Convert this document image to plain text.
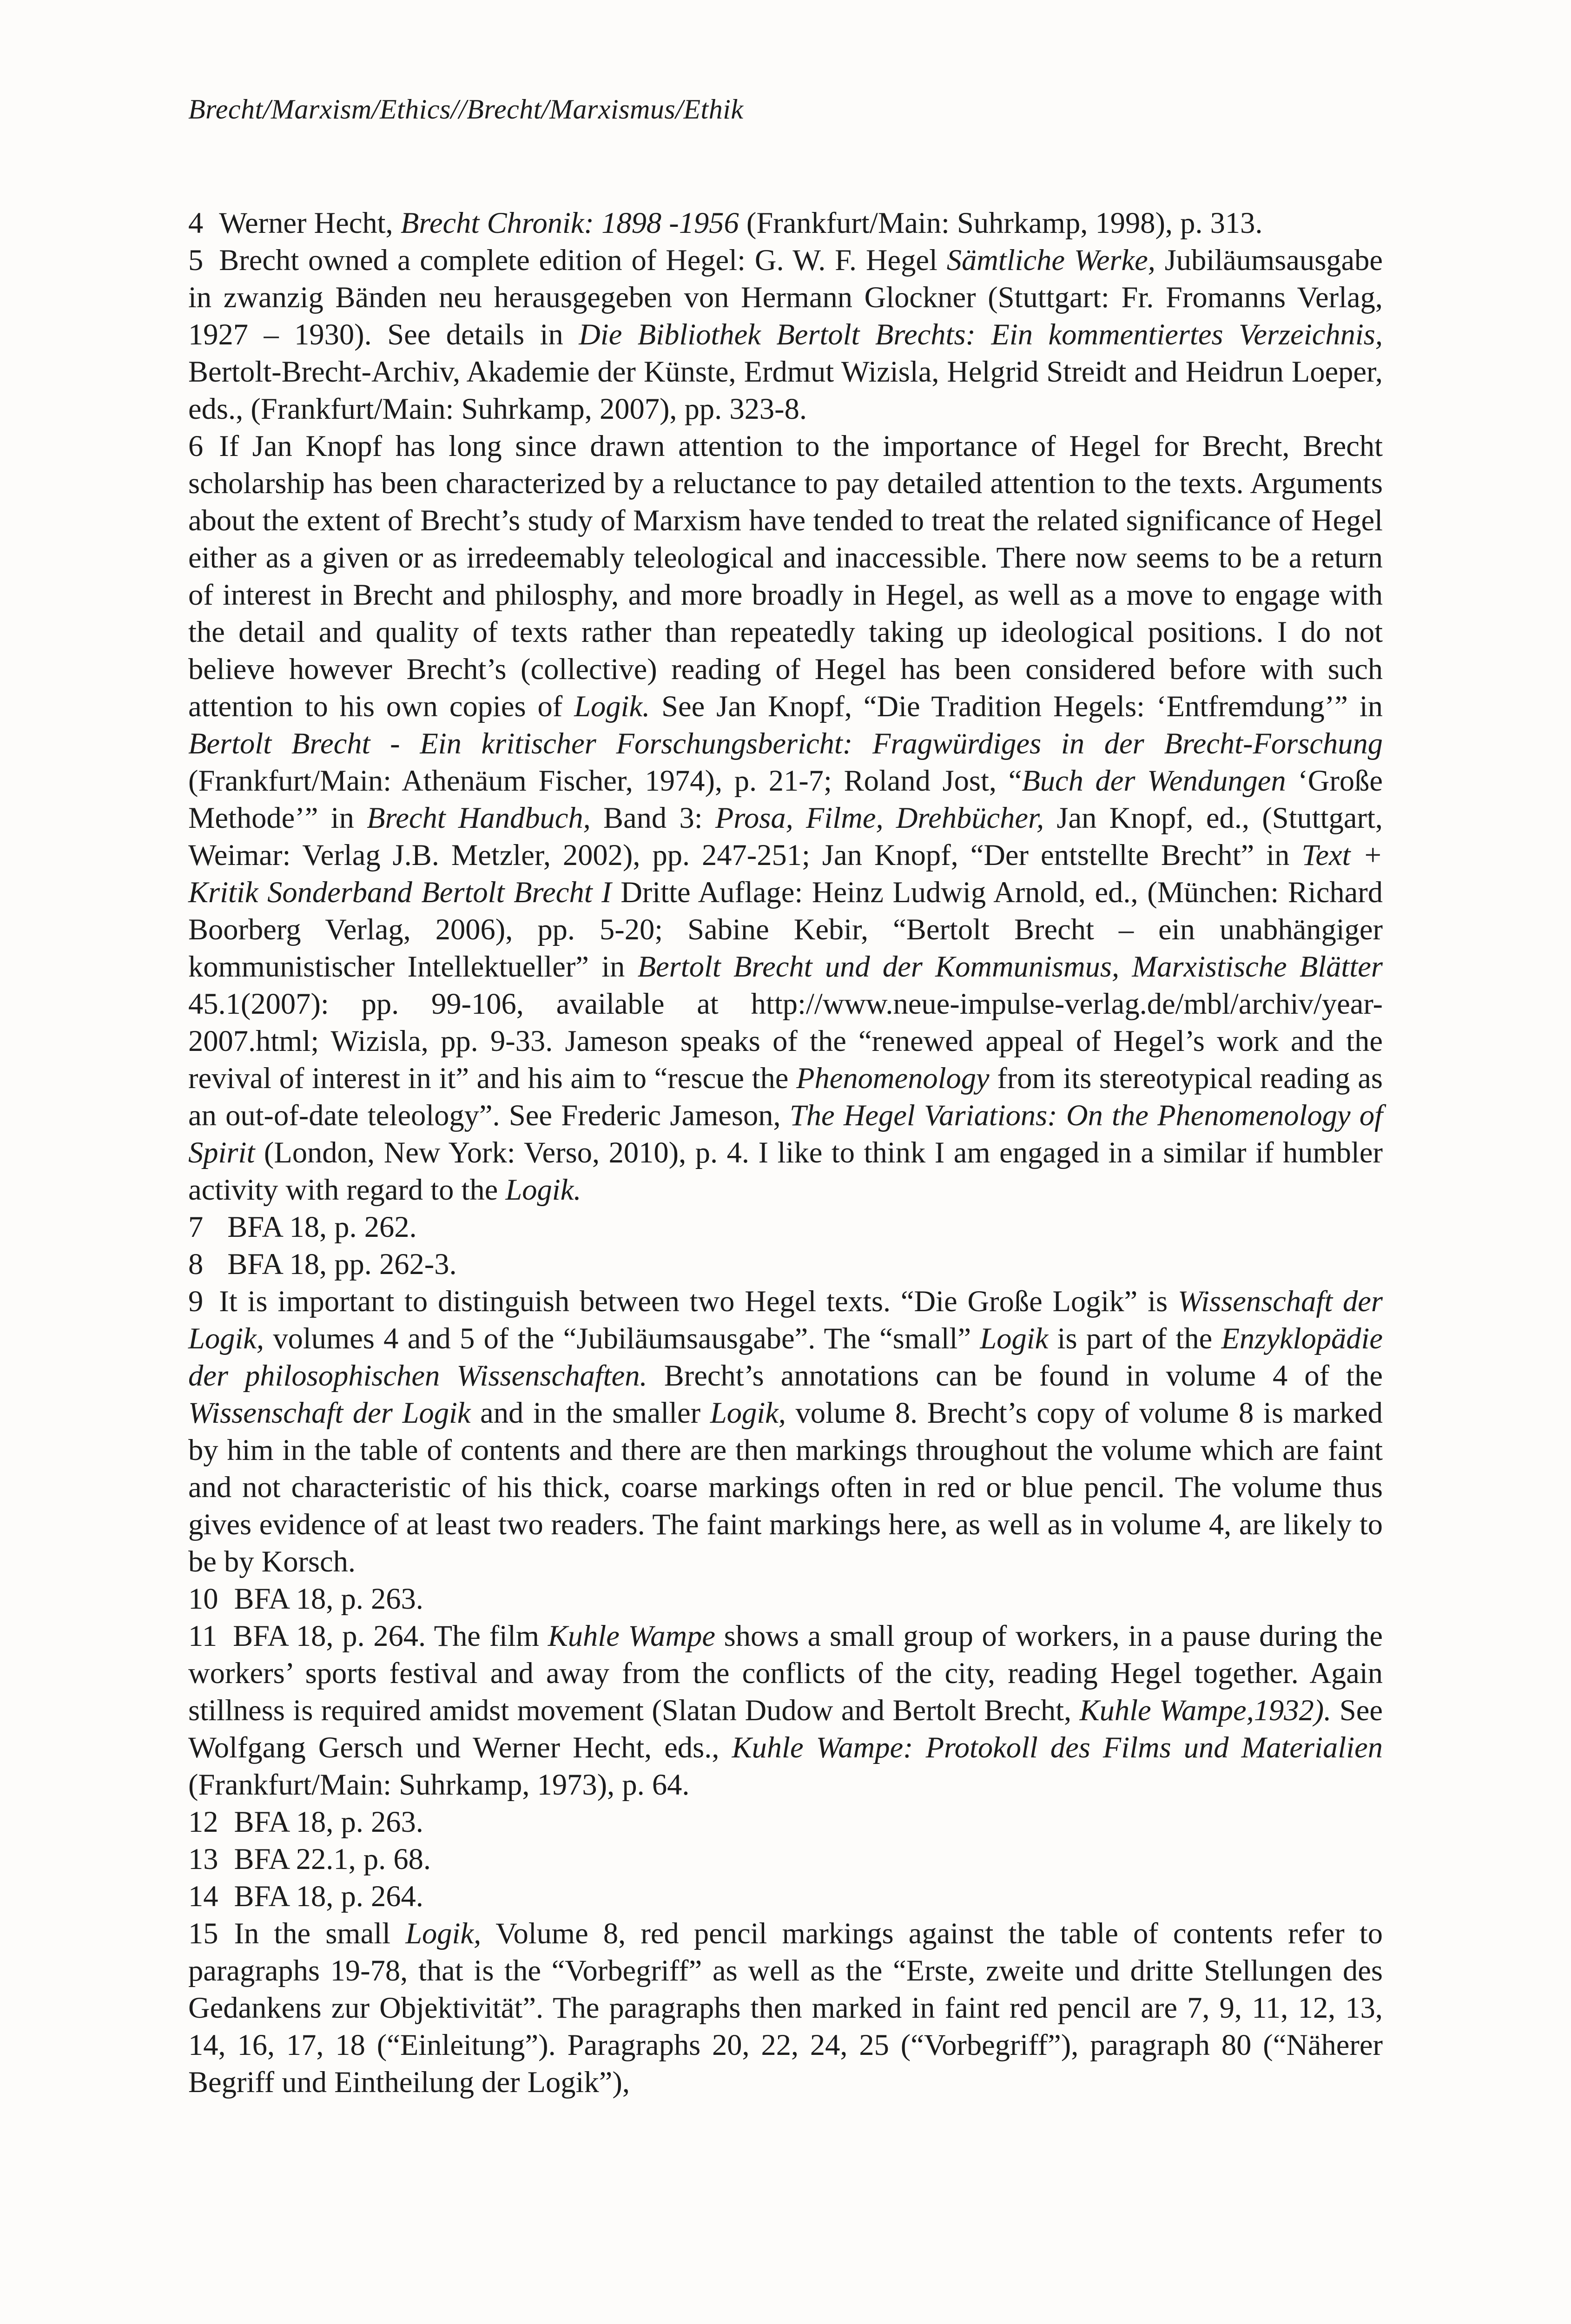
Brecht/Marxism/Ethics//Brecht/Marxismus/Ethik

4 Werner Hecht, Brecht Chronik: 1898 -1956 (Frankfurt/Main: Suhrkamp, 1998), p. 313.

5 Brecht owned a complete edition of Hegel: G. W. F. Hegel Sämtliche Werke, Jubiläumsausgabe in zwanzig Bänden neu herausgegeben von Hermann Glockner (Stuttgart: Fr. Fromanns Verlag, 1927 – 1930). See details in Die Bibliothek Bertolt Brechts: Ein kommentiertes Verzeichnis, Bertolt-Brecht-Archiv, Akademie der Künste, Erdmut Wizisla, Helgrid Streidt and Heidrun Loeper, eds., (Frankfurt/Main: Suhrkamp, 2007), pp. 323-8.

6 If Jan Knopf has long since drawn attention to the importance of Hegel for Brecht, Brecht scholarship has been characterized by a reluctance to pay detailed attention to the texts. Arguments about the extent of Brecht’s study of Marxism have tended to treat the related significance of Hegel either as a given or as irredeemably teleological and inaccessible. There now seems to be a return of interest in Brecht and philosphy, and more broadly in Hegel, as well as a move to engage with the detail and quality of texts rather than repeatedly taking up ideological positions. I do not believe however Brecht’s (collective) reading of Hegel has been considered before with such attention to his own copies of Logik. See Jan Knopf, “Die Tradition Hegels: ‘Entfremdung’” in Bertolt Brecht - Ein kritischer Forschungsbericht: Fragwürdiges in der Brecht-Forschung (Frankfurt/Main: Athenäum Fischer, 1974), p. 21-7; Roland Jost, “Buch der Wendungen ‘Große Methode’” in Brecht Handbuch, Band 3: Prosa, Filme, Drehbücher, Jan Knopf, ed., (Stuttgart, Weimar: Verlag J.B. Metzler, 2002), pp. 247-251; Jan Knopf, “Der entstellte Brecht” in Text + Kritik Sonderband Bertolt Brecht I Dritte Auflage: Heinz Ludwig Arnold, ed., (München: Richard Boorberg Verlag, 2006), pp. 5-20; Sabine Kebir, “Bertolt Brecht – ein unabhängiger kommunistischer Intellektueller” in Bertolt Brecht und der Kommunismus, Marxistische Blätter 45.1(2007): pp. 99-106, available at http://www.neue-impulse-verlag.de/mbl/archiv/year-2007.html; Wizisla, pp. 9-33. Jameson speaks of the “renewed appeal of Hegel’s work and the revival of interest in it” and his aim to “rescue the Phenomenology from its stereotypical reading as an out-of-date teleology”. See Frederic Jameson, The Hegel Variations: On the Phenomenology of Spirit (London, New York: Verso, 2010), p. 4. I like to think I am engaged in a similar if humbler activity with regard to the Logik.

7 BFA 18, p. 262.

8 BFA 18, pp. 262-3.

9 It is important to distinguish between two Hegel texts. “Die Große Logik” is Wissenschaft der Logik, volumes 4 and 5 of the “Jubiläumsausgabe”. The “small” Logik is part of the Enzyklopädie der philosophischen Wissenschaften. Brecht’s annotations can be found in volume 4 of the Wissenschaft der Logik and in the smaller Logik, volume 8. Brecht’s copy of volume 8 is marked by him in the table of contents and there are then markings throughout the volume which are faint and not characteristic of his thick, coarse markings often in red or blue pencil. The volume thus gives evidence of at least two readers. The faint markings here, as well as in volume 4, are likely to be by Korsch.

10 BFA 18, p. 263.

11 BFA 18, p. 264. The film Kuhle Wampe shows a small group of workers, in a pause during the workers’ sports festival and away from the conflicts of the city, reading Hegel together. Again stillness is required amidst movement (Slatan Dudow and Bertolt Brecht, Kuhle Wampe,1932). See Wolfgang Gersch und Werner Hecht, eds., Kuhle Wampe: Protokoll des Films und Materialien (Frankfurt/Main: Suhrkamp, 1973), p. 64.

12 BFA 18, p. 263.

13 BFA 22.1, p. 68.

14 BFA 18, p. 264.

15 In the small Logik, Volume 8, red pencil markings against the table of contents refer to paragraphs 19-78, that is the “Vorbegriff” as well as the “Erste, zweite und dritte Stellungen des Gedankens zur Objektivität”. The paragraphs then marked in faint red pencil are 7, 9, 11, 12, 13, 14, 16, 17, 18 (“Einleitung”). Paragraphs 20, 22, 24, 25 (“Vorbegriff”), paragraph 80 (“Näherer Begriff und Eintheilung der Logik”),
